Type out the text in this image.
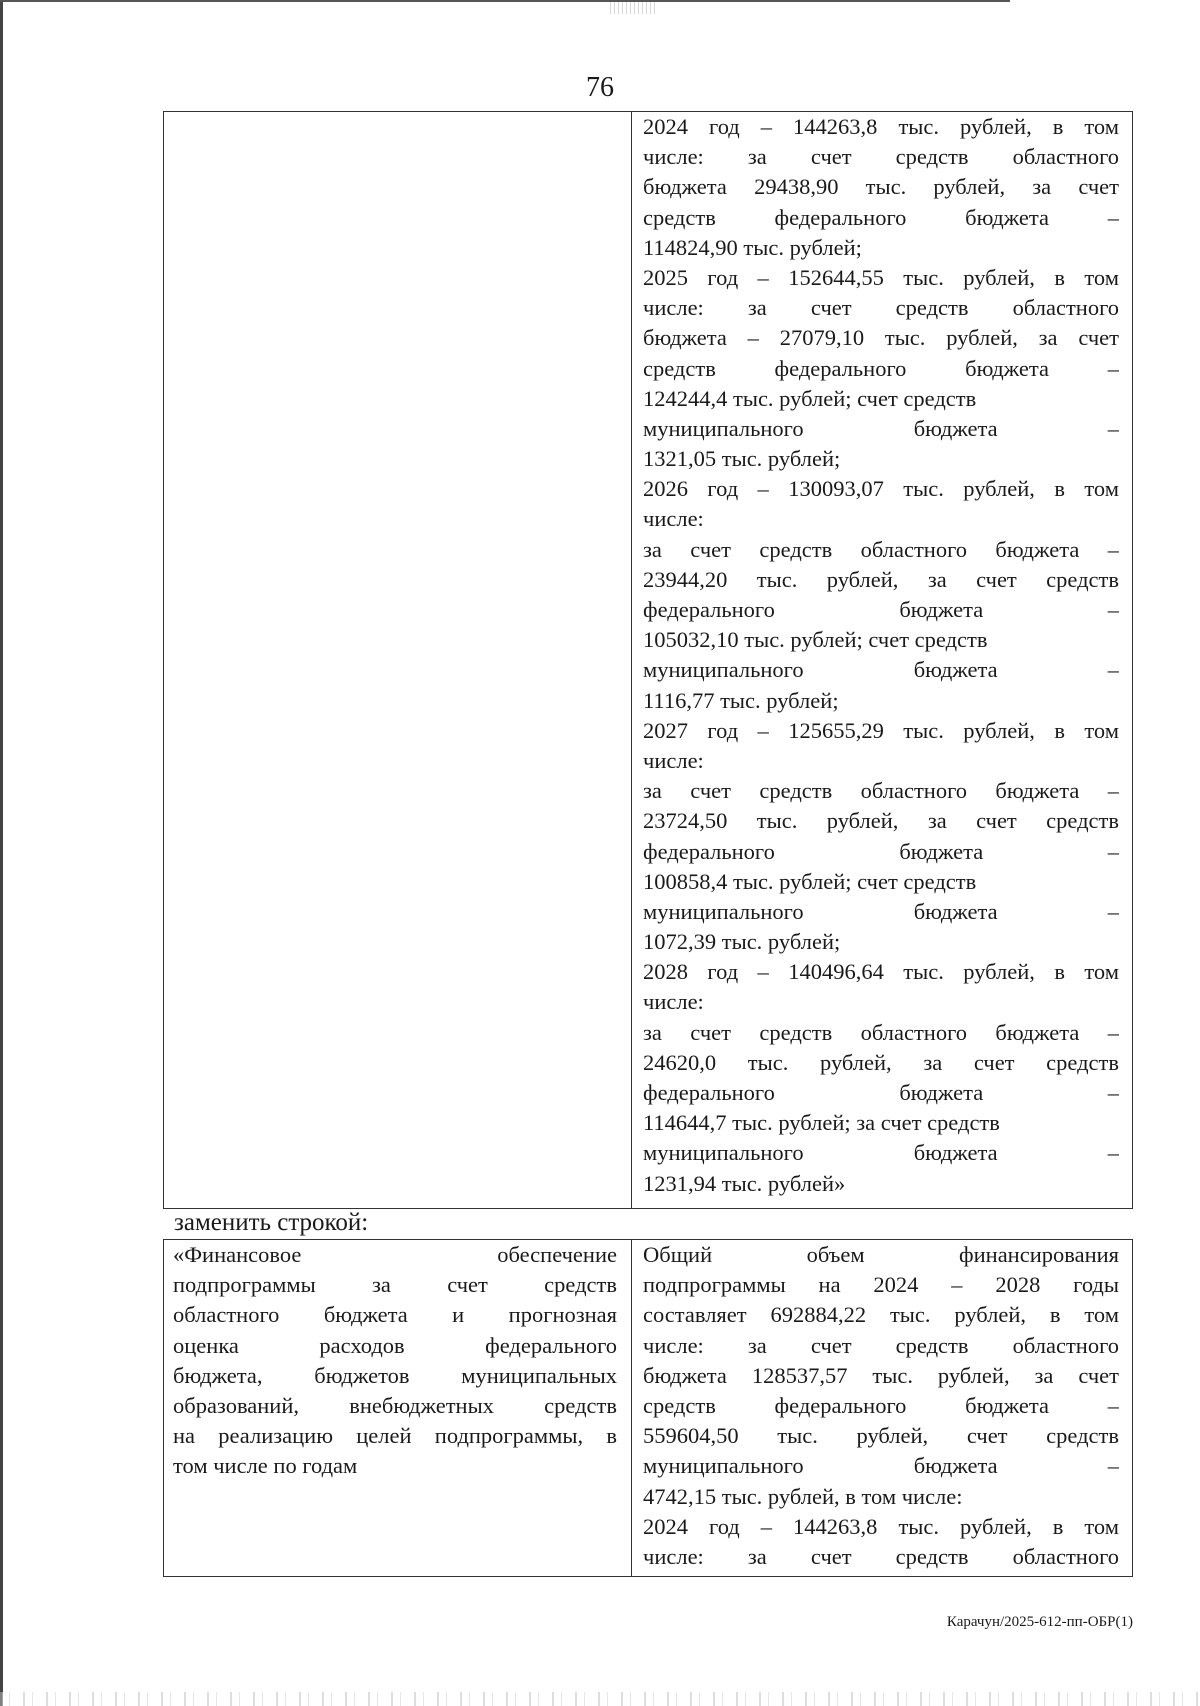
76
2024 год – 144263,8 тыс. рублей, в том
числе: за счет средств областного
бюджета 29438,90 тыс. рублей, за счет
средств федерального бюджета –
114824,90 тыс. рублей;
2025 год – 152644,55 тыс. рублей, в том
числе: за счет средств областного
бюджета – 27079,10 тыс. рублей, за счет
средств федерального бюджета –
124244,4 тыс. рублей; счет средств
муниципального бюджета –
1321,05 тыс. рублей;
2026 год – 130093,07 тыс. рублей, в том
числе:
за счет средств областного бюджета –
23944,20 тыс. рублей, за счет средств
федерального бюджета –
105032,10 тыс. рублей; счет средств
муниципального бюджета –
1116,77 тыс. рублей;
2027 год – 125655,29 тыс. рублей, в том
числе:
за счет средств областного бюджета –
23724,50 тыс. рублей, за счет средств
федерального бюджета –
100858,4 тыс. рублей; счет средств
муниципального бюджета –
1072,39 тыс. рублей;
2028 год – 140496,64 тыс. рублей, в том
числе:
за счет средств областного бюджета –
24620,0 тыс. рублей, за счет средств
федерального бюджета –
114644,7 тыс. рублей; за счет средств
муниципального бюджета –
1231,94 тыс. рублей»
заменить строкой:
«Финансовое обеспечение
подпрограммы за счет средств
областного бюджета и прогнозная
оценка расходов федерального
бюджета, бюджетов муниципальных
образований, внебюджетных средств
на реализацию целей подпрограммы, в
том числе по годам
Общий объем финансирования
подпрограммы на 2024 – 2028 годы
составляет 692884,22 тыс. рублей, в том
числе: за счет средств областного
бюджета 128537,57 тыс. рублей, за счет
средств федерального бюджета –
559604,50 тыс. рублей, счет средств
муниципального бюджета –
4742,15 тыс. рублей, в том числе:
2024 год – 144263,8 тыс. рублей, в том
числе: за счет средств областного
Карачун/2025-612-пп-ОБР(1)
